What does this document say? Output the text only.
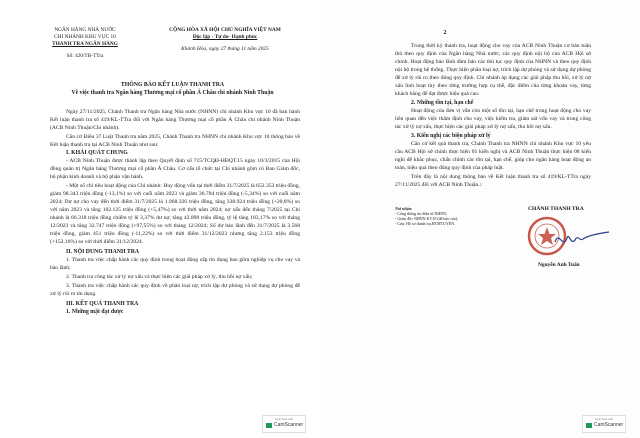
NGÂN HÀNG NHÀ NƯỚC
CHI NHÁNH KHU VỰC 10
THANH TRA NGÂN HÀNG
Số: 420/TB-TTra
CỘNG HÒA XÃ HỘI CHỦ NGHĨA VIỆT NAM
Độc lập - Tự do- Hạnh phúc
Khánh Hòa, ngày 27 tháng 11 năm 2025
THÔNG BÁO KẾT LUẬN THANH TRA
Về việc thanh tra Ngân hàng Thương mại cổ phần Á Châu chi nhánh Ninh Thuận

Ngày 27/11/2025, Chánh Thanh tra Ngân hàng Nhà nước (NHNN) chi nhánh Khu vực 10 đã ban hành Kết luận thanh tra số 419/KL-TTra đối với Ngân hàng Thương mại cổ phần Á Châu chi nhánh Ninh Thuận (ACB Ninh Thuận/Chi nhánh).

Căn cứ Điều 37 Luật Thanh tra năm 2025, Chánh Thanh tra NHNN chi nhánh Khu vực 10 thông báo về Kết luận thanh tra tại ACB Ninh Thuận như sau:

I. KHÁI QUÁT CHUNG

- ACB Ninh Thuận được thành lập theo Quyết định số 715/TCQĐ-HĐQT.15 ngày 10/3/2015 của Hội đồng quản trị Ngân hàng Thương mại cổ phần Á Châu. Cơ cấu tổ chức tại Chi nhánh gồm có Ban Giám đốc, bộ phận kinh doanh và bộ phận vận hành.

- Một số chỉ tiêu hoạt động của Chi nhánh: Huy động vốn tại thời điểm 31/7/2025 là 652.353 triệu đồng, giảm 98.343 triệu đồng (-13,1%) so với cuối năm 2023 và giảm 36.784 triệu đồng (-5,34%) so với cuối năm 2024; Dư nợ cho vay đến thời điểm 31/7/2025 là 1.968.326 triệu đồng, tăng 338.924 triệu đồng (+20,8%) so với năm 2023 và tăng 102.125 triệu đồng (+5,47%) so với thời năm 2024; nợ xấu đến tháng 7/2025 tại Chi nhánh là 66.318 triệu đồng chiếm tỷ lệ 3,37% dư nợ, tăng 42.898 triệu đồng, tỷ lệ tăng 183,17% so với tháng 12/2023 và tăng 32.747 triệu đồng (+97,55%) so với tháng 12/2024; Số dư bảo lãnh đến 31/7/2025 là 3.568 triệu đồng, giảm 451 triệu đồng (-11,22%) so với thời điểm 31/12/2023 nhưng tăng 2.153 triệu đồng (+152,16%) so với thời điểm 31/12/2024.

II. NỘI DUNG THANH TRA

1. Thanh tra việc chấp hành các quy định trong hoạt động cấp tín dụng bao gồm nghiệp vụ cho vay và bảo lãnh;

2. Thanh tra công tác xử lý nợ xấu và thực hiện các giải pháp xử lý, thu hồi nợ xấu;

3. Thanh tra việc chấp hành các quy định về phân loại nợ, trích lập dự phòng và sử dụng dự phòng để xử lý rủi ro tín dụng.

III. KẾT QUẢ THANH TRA
1. Những mặt đạt được
Scanned with
CamScanner
2

Trong thời kỳ thanh tra, hoạt động cho vay của ACB Ninh Thuận cơ bản tuân thủ theo quy định của Ngân hàng Nhà nước, các quy định nội bộ của ACB Hội sở chính. Hoạt động bảo lãnh đảm bảo các thủ tục quy định của NHNN và theo quy định nội bộ trong hệ thống. Thực hiện phân loại nợ, trích lập dự phòng và sử dụng dự phòng để xử lý rủi ro theo đúng quy định. Chi nhánh áp dụng các giải pháp thu hồi, xử lý nợ xấu linh hoạt tùy theo từng trường hợp cụ thể, đặc điểm của từng khoản vay, từng khách hàng để đạt được hiệu quả cao.

2. Những tồn tại, hạn chế

Hoạt động của đơn vị vẫn còn một số tồn tại, hạn chế trong hoạt động cho vay liên quan đến việc thẩm định cho vay, việc kiểm tra, giám sát vốn vay và trong công tác xử lý nợ xấu, thực hiện các giải pháp xử lý nợ xấu, thu hồi nợ xấu.

3. Kiến nghị các biện pháp xử lý

Căn cứ kết quả thanh tra, Chánh Thanh tra NHNN chi nhánh Khu vực 10 yêu cầu ACB Hội sở chính thực hiện 01 kiến nghị và ACB Ninh Thuận thực hiện 08 kiến nghị để khắc phục, chấn chỉnh các tồn tại, hạn chế, giúp cho ngân hàng hoạt động an toàn, hiệu quả theo đúng quy định của pháp luật.

Trên đây là nội dung thông báo về Kết luận thanh tra số 419/KL-TTra ngày 27/11/2025 đối với ACB Ninh Thuận./.

Nơi nhận:
- Cổng thông tin điện tử NHNN;
- Giám đốc NHNN KV10 (để báo cáo);
- Lưu: Hồ sơ thanh tra,HTMTUYEN.
CHÁNH THANH TRA
Nguyễn Anh Tuấn
Scanned with
CamScanner
